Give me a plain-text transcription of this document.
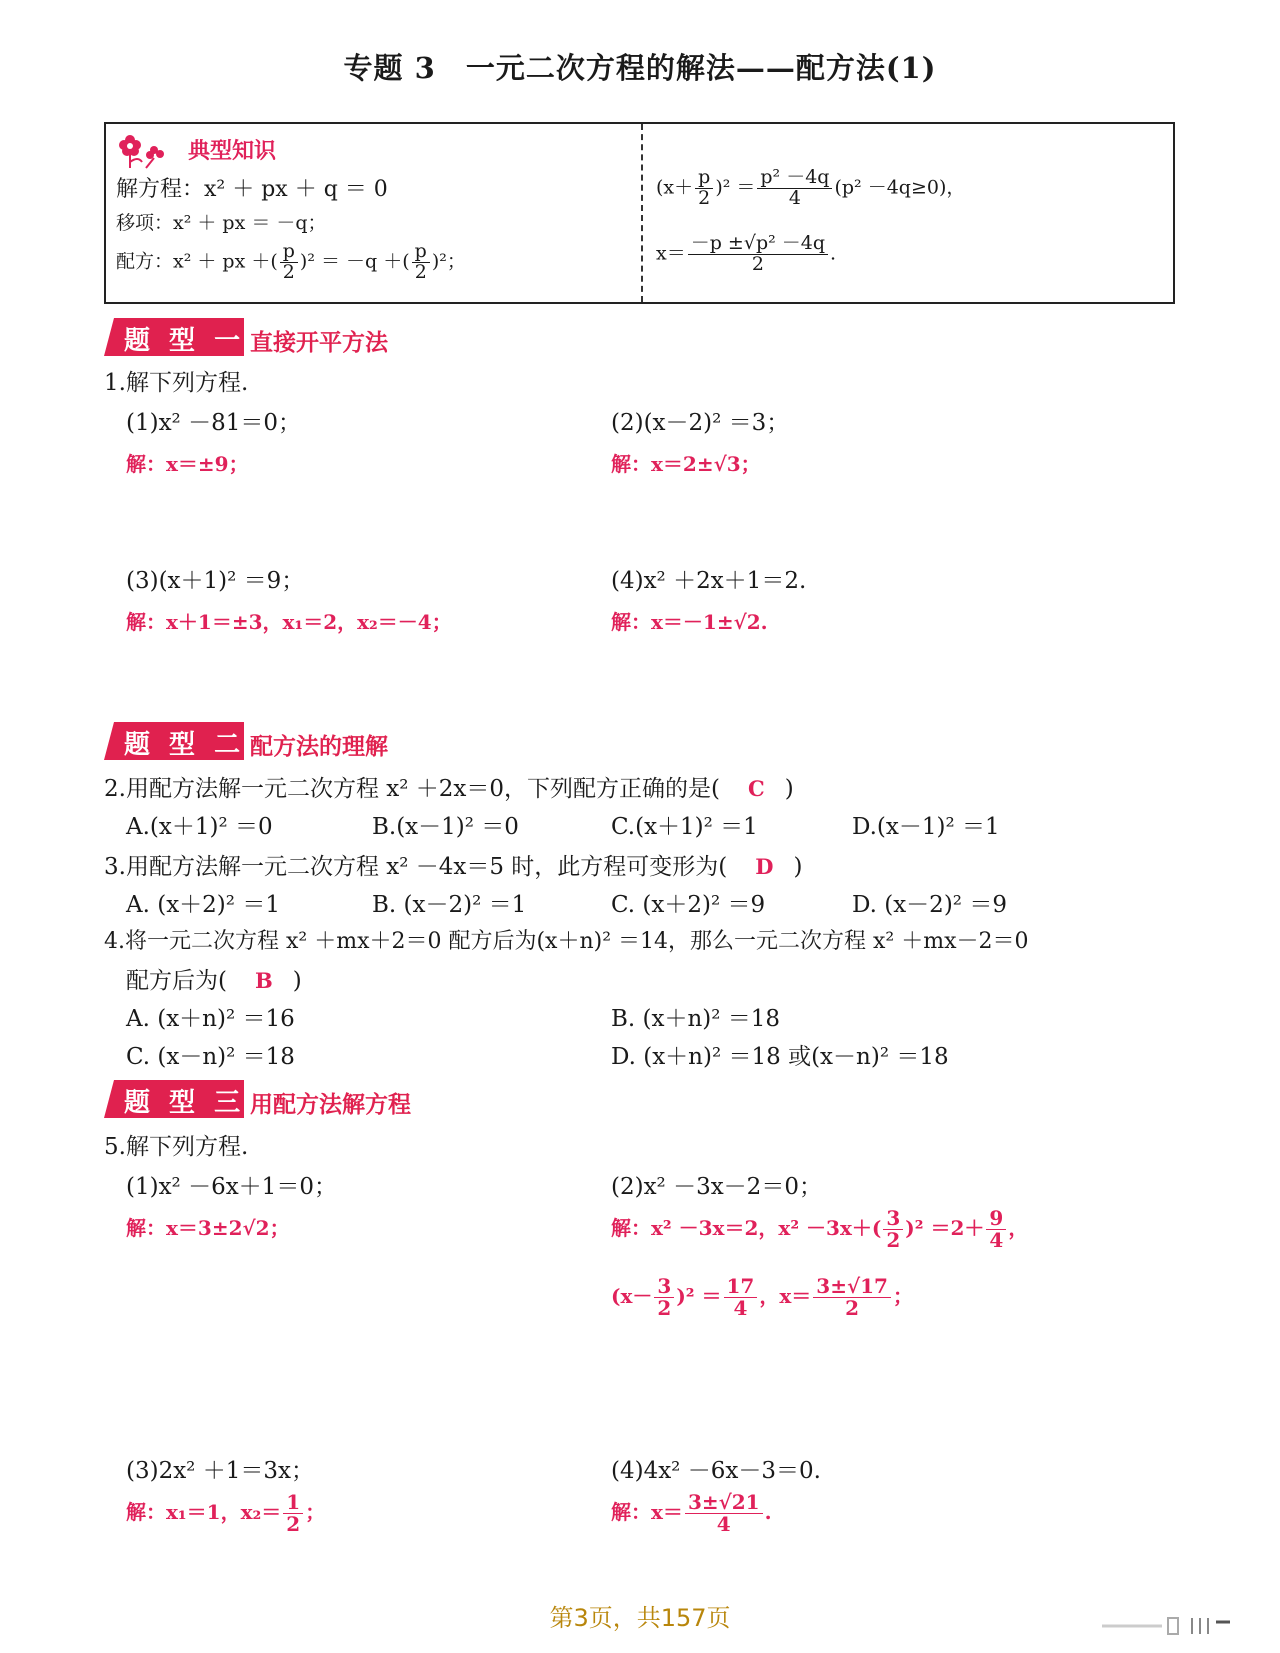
专题 3　一元二次方程的解法——配方法(1)
典型知识
解方程：x² ＋ px ＋ q ＝ 0
移项：x² ＋ px ＝ －q；
配方：x² ＋ px ＋( $\frac{p}{2} )^2 = -q$ ＋( $\frac{p}{2} )^2$；
$(x+ \frac{p}{2} )^2 = \frac{\text{p² －4q}}{4} (p^2 -4q\ge 0)$，
$x= \frac{\text{－p ±√p² －4q}}{2}$ .
题 型 一 直接开平方法
1.解下列方程.
(1)x² －81＝0；
解：x＝±9；
(2)(x－2)² ＝3；
解：x＝2±√3；
(3)(x＋1)² ＝9；
解：x＋1＝±3，x₁＝2，x₂＝－4；
(4)x² ＋2x＋1＝2.
解：x＝－1±√2.
题 型 二 配方法的理解
2.用配方法解一元二次方程 x² ＋2x＝0，下列配方正确的是( C )
A.(x＋1)² ＝0	B.(x－1)² ＝0	C.(x＋1)² ＝1	D.(x－1)² ＝1
3.用配方法解一元二次方程 x² －4x＝5 时，此方程可变形为( D )
A. (x＋2)² ＝1	B. (x－2)² ＝1	C. (x＋2)² ＝9	D. (x－2)² ＝9
4.将一元二次方程 x² ＋mx＋2＝0 配方后为(x＋n)² ＝14，那么一元二次方程 x² ＋mx－2＝0
配方后为( B )
A. (x＋n)² ＝16	B. (x＋n)² ＝18
C. (x－n)² ＝18	D. (x＋n)² ＝18 或(x－n)² ＝18
题 型 三 用配方法解方程
5.解下列方程.
(1)x² －6x＋1＝0；
解：x＝3±2√2；
(2)x² －3x－2＝0；
解：x² －3x＝2，$x^2 -3x+( \frac{3}{2} )^2 =2+ \frac{9}{4}$ ，
$(x- \frac{3}{2} )^2 = \frac{17}{4}$ ，$x= \frac{3\pm√17}{2}$ ；
(3)2x² ＋1＝3x；
解：x₁＝1，$x_2= \frac{1}{2}$ ；
(4)4x² －6x－3＝0.
解：$x= \frac{3\pm√21}{4}$ .
第3页，共157页
